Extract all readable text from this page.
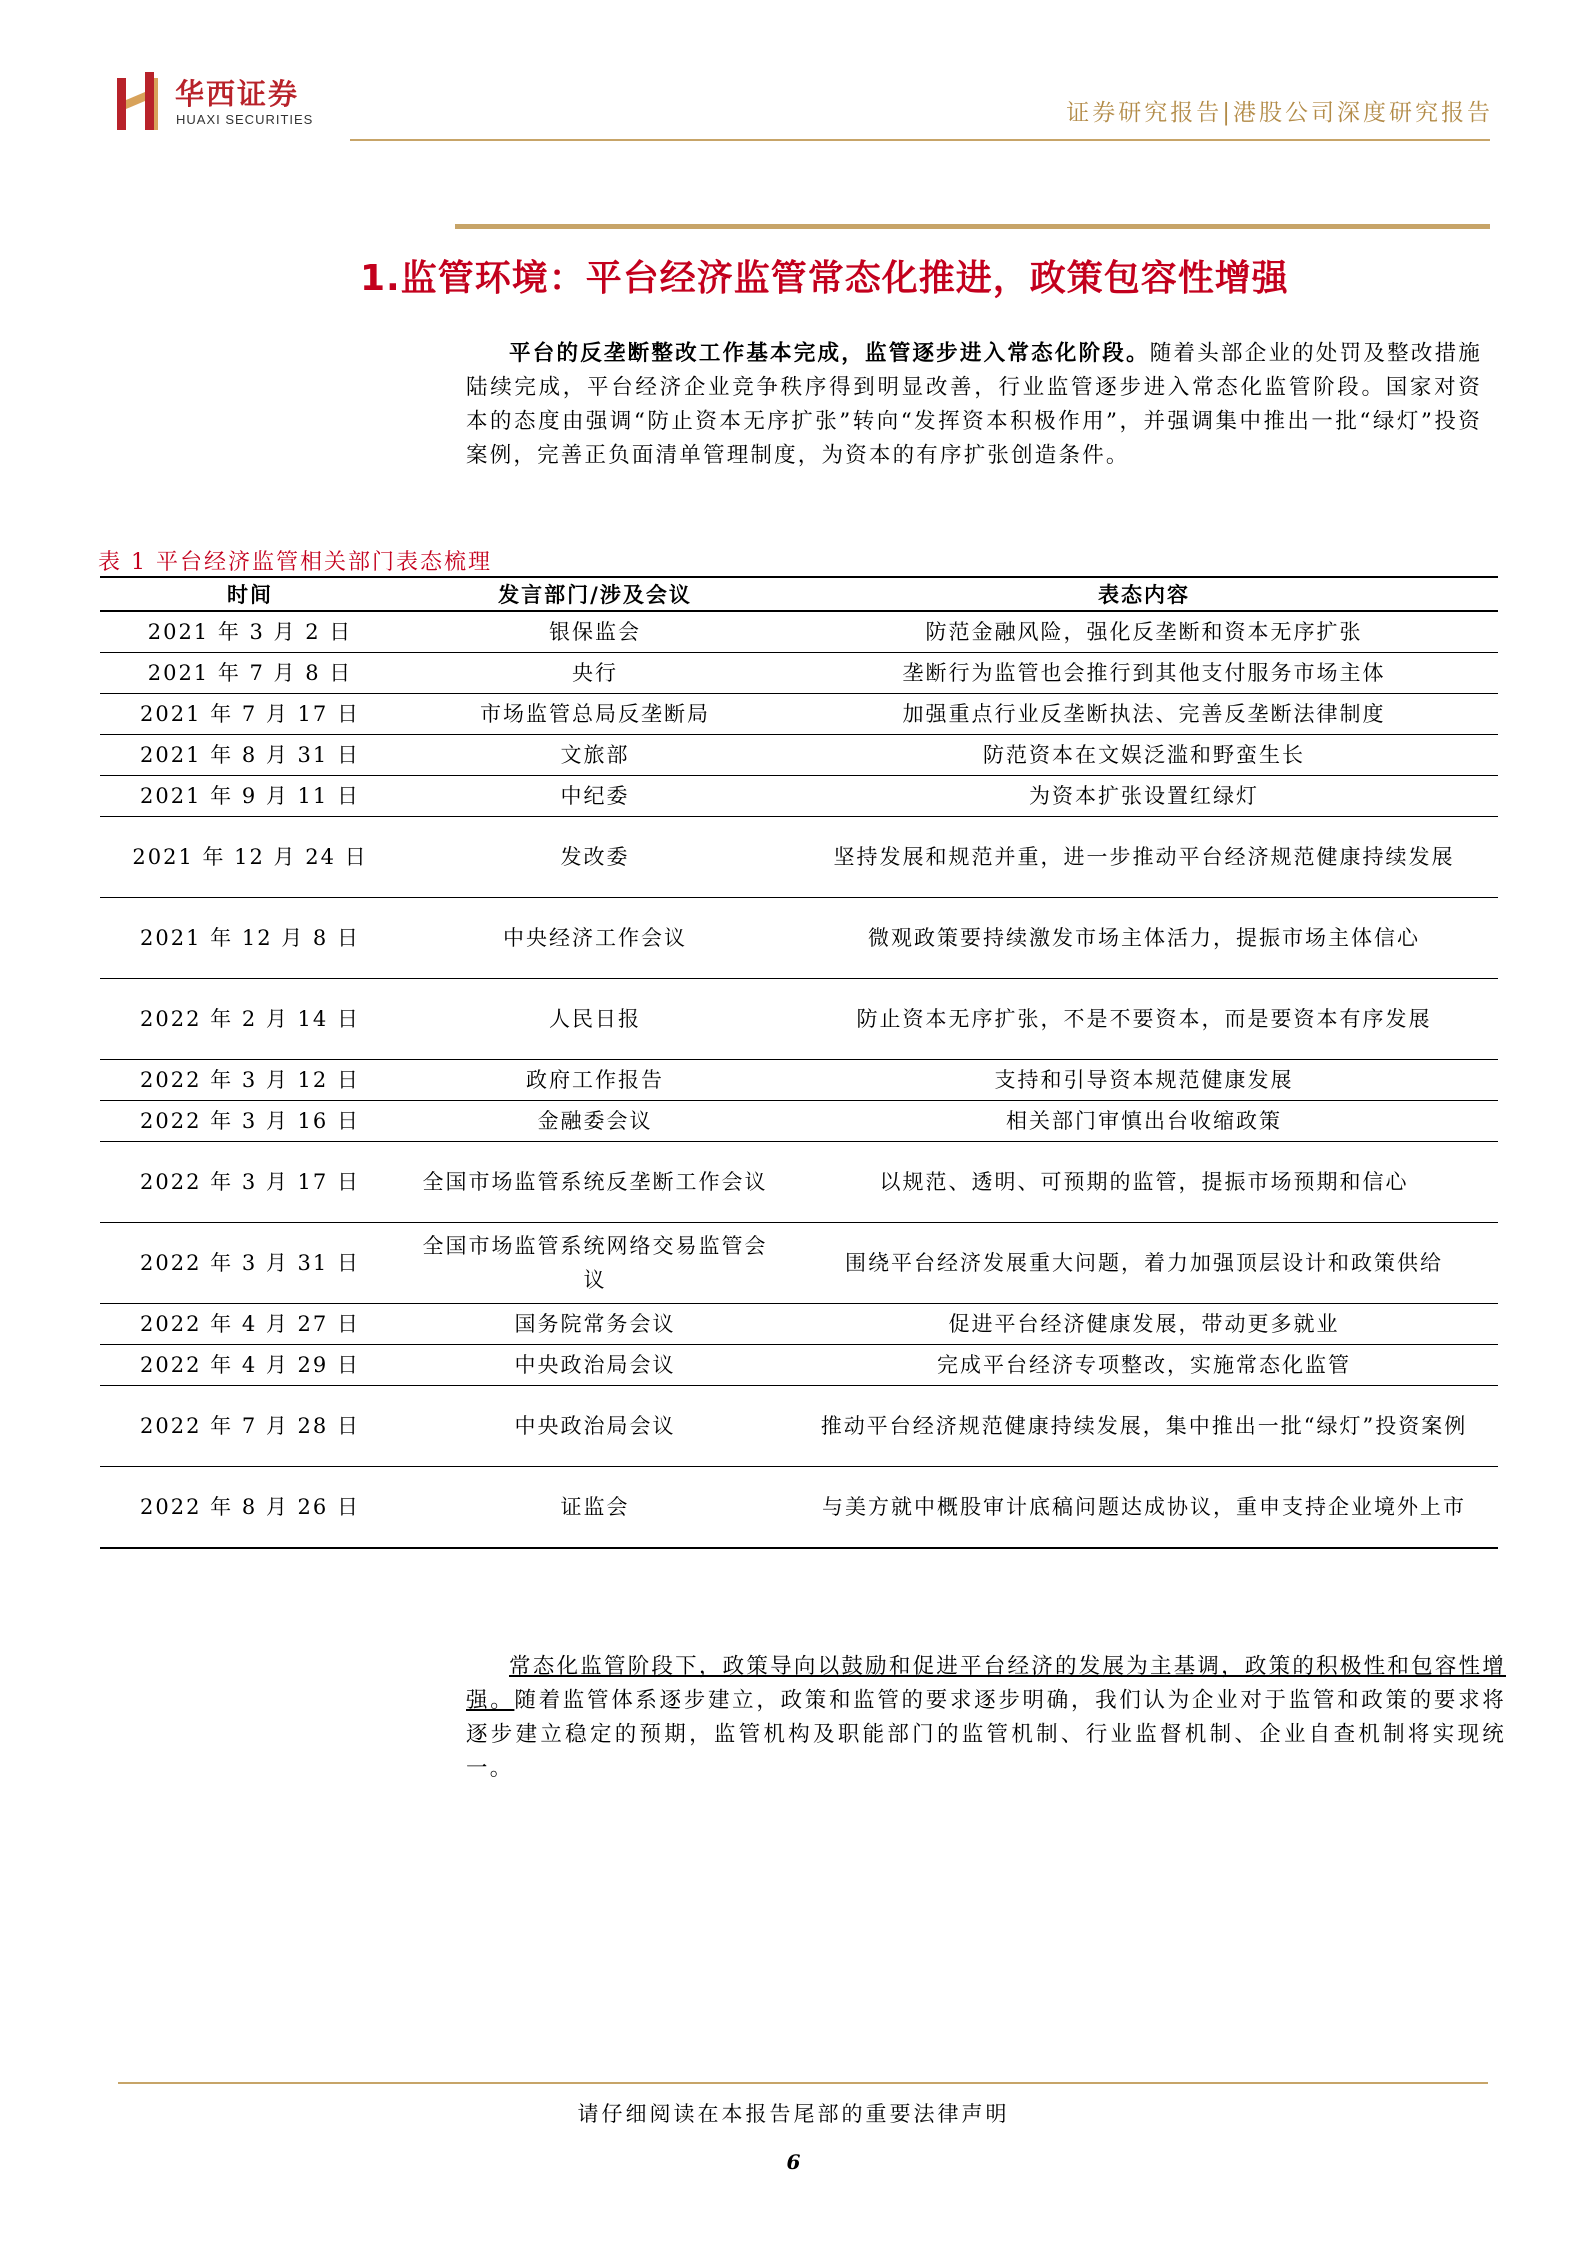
华西证券
HUAXI SECURITIES	证券研究报告|港股公司深度研究报告
1.监管环境：平台经济监管常态化推进，政策包容性增强

平台的反垄断整改工作基本完成，监管逐步进入常态化阶段。随着头部企业的处罚及整改措施陆续完成，平台经济企业竞争秩序得到明显改善，行业监管逐步进入常态化监管阶段。国家对资本的态度由强调“防止资本无序扩张”转向“发挥资本积极作用”，并强调集中推出一批“绿灯”投资案例，完善正负面清单管理制度，为资本的有序扩张创造条件。

表 1 平台经济监管相关部门表态梳理
时间	发言部门/涉及会议	表态内容
2021 年 3 月 2 日	银保监会	防范金融风险，强化反垄断和资本无序扩张
2021 年 7 月 8 日	央行	垄断行为监管也会推行到其他支付服务市场主体
2021 年 7 月 17 日	市场监管总局反垄断局	加强重点行业反垄断执法、完善反垄断法律制度
2021 年 8 月 31 日	文旅部	防范资本在文娱泛滥和野蛮生长
2021 年 9 月 11 日	中纪委	为资本扩张设置红绿灯
2021 年 12 月 24 日	发改委	坚持发展和规范并重，进一步推动平台经济规范健康持续发展
2021 年 12 月 8 日	中央经济工作会议	微观政策要持续激发市场主体活力，提振市场主体信心
2022 年 2 月 14 日	人民日报	防止资本无序扩张，不是不要资本，而是要资本有序发展
2022 年 3 月 12 日	政府工作报告	支持和引导资本规范健康发展
2022 年 3 月 16 日	金融委会议	相关部门审慎出台收缩政策
2022 年 3 月 17 日	全国市场监管系统反垄断工作会议	以规范、透明、可预期的监管，提振市场预期和信心
2022 年 3 月 31 日	全国市场监管系统网络交易监管会议	围绕平台经济发展重大问题，着力加强顶层设计和政策供给
2022 年 4 月 27 日	国务院常务会议	促进平台经济健康发展，带动更多就业
2022 年 4 月 29 日	中央政治局会议	完成平台经济专项整改，实施常态化监管
2022 年 7 月 28 日	中央政治局会议	推动平台经济规范健康持续发展，集中推出一批“绿灯”投资案例
2022 年 8 月 26 日	证监会	与美方就中概股审计底稿问题达成协议，重申支持企业境外上市

常态化监管阶段下，政策导向以鼓励和促进平台经济的发展为主基调，政策的积极性和包容性增强。随着监管体系逐步建立，政策和监管的要求逐步明确，我们认为企业对于监管和政策的要求将逐步建立稳定的预期，监管机构及职能部门的监管机制、行业监督机制、企业自查机制将实现统一。

请仔细阅读在本报告尾部的重要法律声明
6
